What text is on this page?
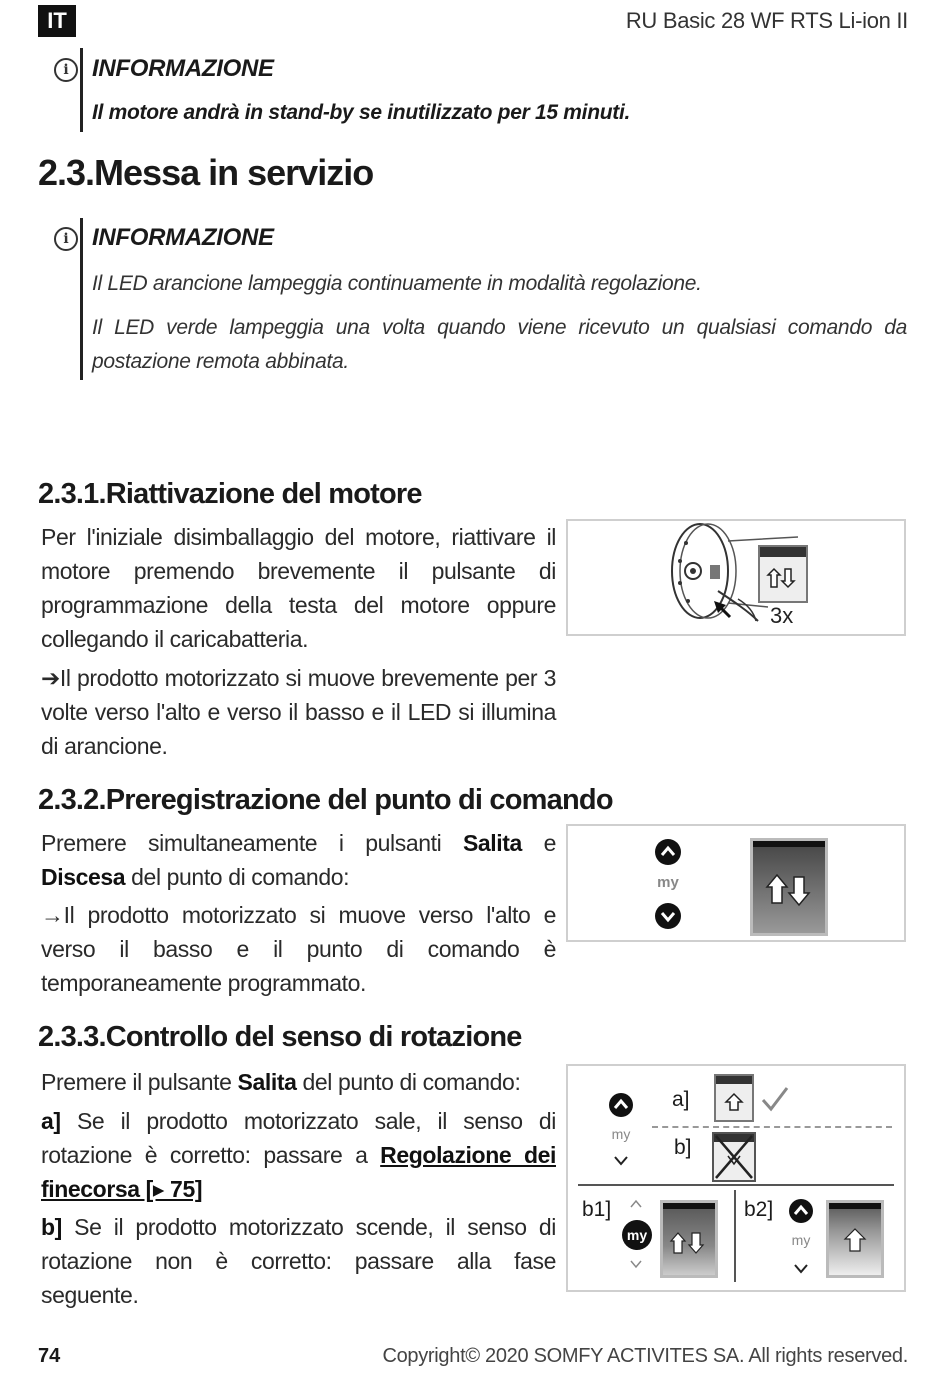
IT	RU Basic 28 WF RTS Li-ion II
i INFORMAZIONE
Il motore andrà in stand-by se inutilizzato per 15 minuti.
2.3.Messa in servizio
i INFORMAZIONE
Il LED arancione lampeggia continuamente in modalità regolazione.
Il LED verde lampeggia una volta quando viene ricevuto un qualsiasi comando da postazione remota abbinata.
2.3.1.Riattivazione del motore

Per l'iniziale disimballaggio del motore, riattivare il motore premendo brevemente il pulsante di programmazione della testa del motore oppure collegando il caricabatteria.

➔Il prodotto motorizzato si muove brevemente per 3 volte verso l'alto e verso il basso e il LED si illumina di arancione.

3x
2.3.2.Preregistrazione del punto di comando

Premere simultaneamente i pulsanti Salita e Discesa del punto di comando:

→Il prodotto motorizzato si muove verso l'alto e verso il basso e il punto di comando è temporaneamente programmato.

my
2.3.3.Controllo del senso di rotazione

Premere il pulsante Salita del punto di comando:

a] Se il prodotto motorizzato sale, il senso di rotazione è corretto: passare a Regolazione dei finecorsa [▸ 75]

b] Se il prodotto motorizzato scende, il senso di rotazione non è corretto: passare alla fase seguente.

my
a]
b]
b1]
my
b2]
my
74	Copyright© 2020 SOMFY ACTIVITES SA. All rights reserved.
